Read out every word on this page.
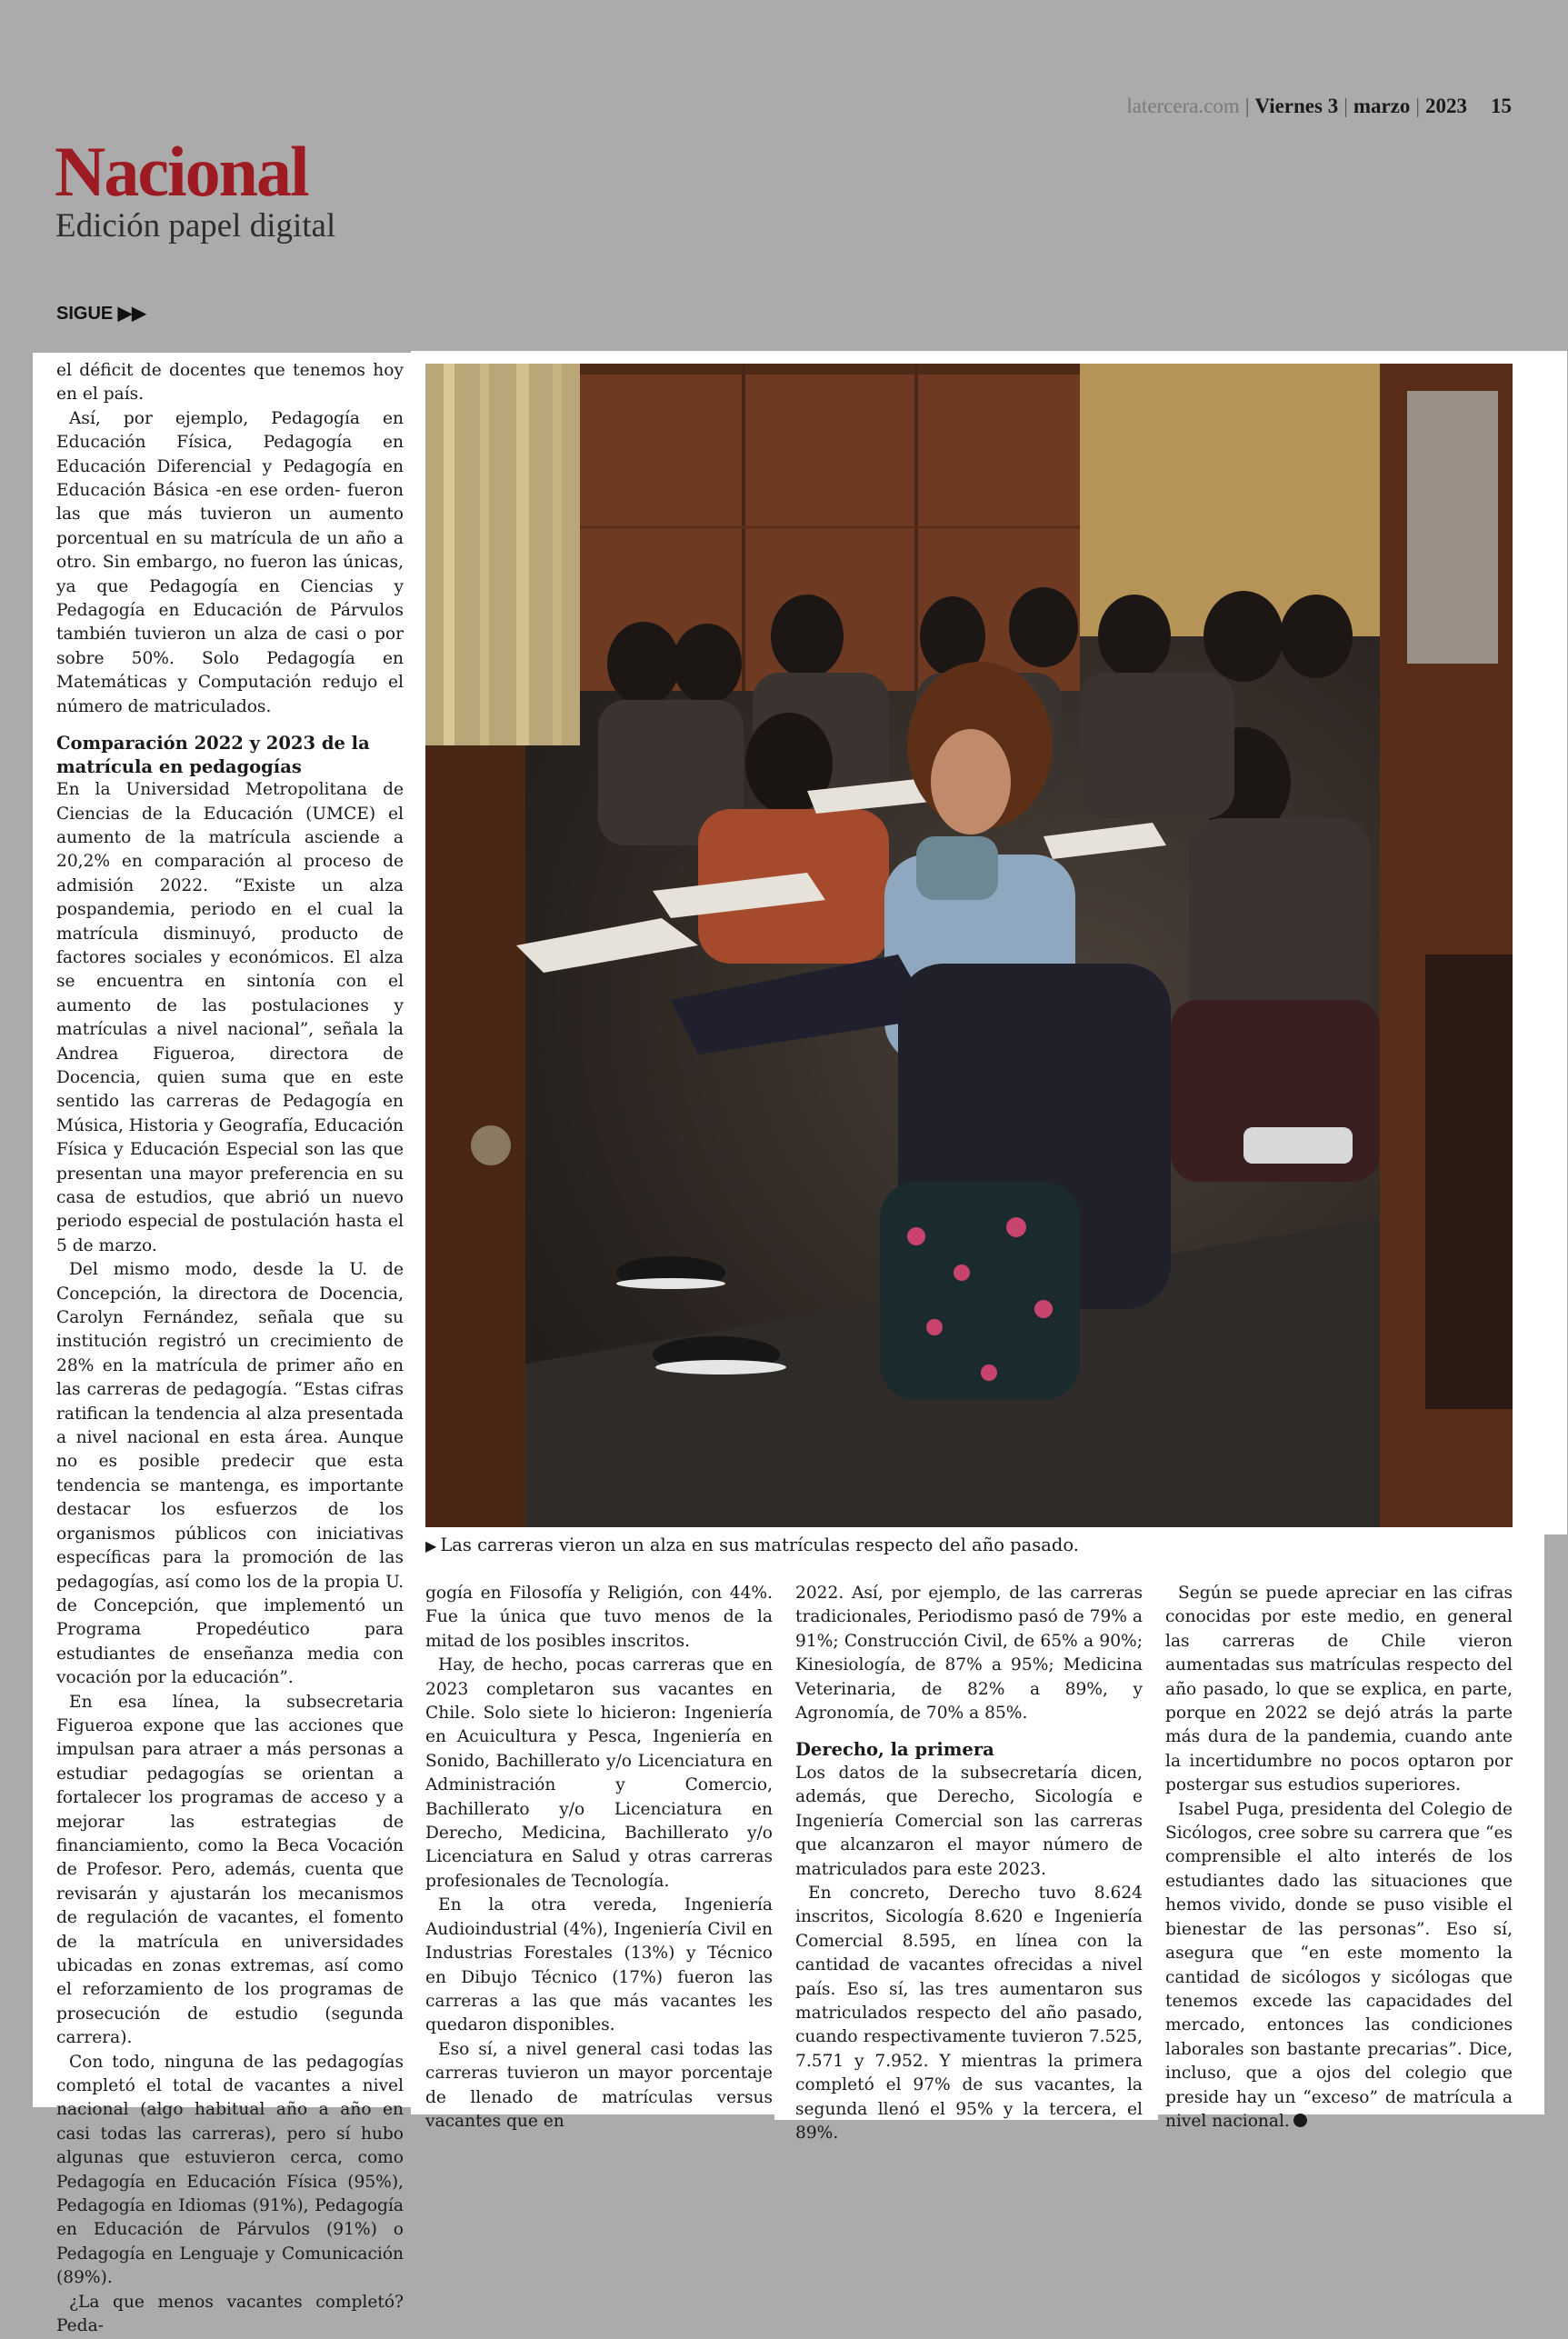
latercera.com | Viernes 3 | marzo | 2023 15
Nacional
Edición papel digital
SIGUE ▶▶
▶ Las carreras vieron un alza en sus matrículas respecto del año pasado.

el déficit de docentes que tenemos hoy en el país.

Así, por ejemplo, Pedagogía en Educación Física, Pedagogía en Educación Diferencial y Pedagogía en Educación Básica -en ese orden- fueron las que más tuvieron un aumento porcentual en su matrícula de un año a otro. Sin embargo, no fueron las únicas, ya que Pedagogía en Ciencias y Pedagogía en Educación de Párvulos también tuvieron un alza de casi o por sobre 50%. Solo Pedagogía en Matemáticas y Computación redujo el número de matriculados.

Comparación 2022 y 2023 de la matrícula en pedagogías

En la Universidad Metropolitana de Ciencias de la Educación (UMCE) el aumento de la matrícula asciende a 20,2% en comparación al proceso de admisión 2022. “Existe un alza pospandemia, periodo en el cual la matrícula disminuyó, producto de factores sociales y económicos. El alza se encuentra en sintonía con el aumento de las postulaciones y matrículas a nivel nacional”, señala la Andrea Figueroa, directora de Docencia, quien suma que en este sentido las carreras de Pedagogía en Música, Historia y Geografía, Educación Física y Educación Especial son las que presentan una mayor preferencia en su casa de estudios, que abrió un nuevo periodo especial de postulación hasta el 5 de marzo.

Del mismo modo, desde la U. de Concepción, la directora de Docencia, Carolyn Fernández, señala que su institución registró un crecimiento de 28% en la matrícula de primer año en las carreras de pedagogía. “Estas cifras ratifican la tendencia al alza presentada a nivel nacional en esta área. Aunque no es posible predecir que esta tendencia se mantenga, es importante destacar los esfuerzos de los organismos públicos con iniciativas específicas para la promoción de las pedagogías, así como los de la propia U. de Concepción, que implementó un Programa Propedéutico para estudiantes de enseñanza media con vocación por la educación”.

En esa línea, la subsecretaria Figueroa expone que las acciones que impulsan para atraer a más personas a estudiar pedagogías se orientan a fortalecer los programas de acceso y a mejorar las estrategias de financiamiento, como la Beca Vocación de Profesor. Pero, además, cuenta que revisarán y ajustarán los mecanismos de regulación de vacantes, el fomento de la matrícula en universidades ubicadas en zonas extremas, así como el reforzamiento de los programas de prosecución de estudio (segunda carrera).

Con todo, ninguna de las pedagogías completó el total de vacantes a nivel nacional (algo habitual año a año en casi todas las carreras), pero sí hubo algunas que estuvieron cerca, como Pedagogía en Educación Física (95%), Pedagogía en Idiomas (91%), Pedagogía en Educación de Párvulos (91%) o Pedagogía en Lenguaje y Comunicación (89%).

¿La que menos vacantes completó? Peda-

gogía en Filosofía y Religión, con 44%. Fue la única que tuvo menos de la mitad de los posibles inscritos.

Hay, de hecho, pocas carreras que en 2023 completaron sus vacantes en Chile. Solo siete lo hicieron: Ingeniería en Acuicultura y Pesca, Ingeniería en Sonido, Bachillerato y/o Licenciatura en Administración y Comercio, Bachillerato y/o Licenciatura en Derecho, Medicina, Bachillerato y/o Licenciatura en Salud y otras carreras profesionales de Tecnología.

En la otra vereda, Ingeniería Audioindustrial (4%), Ingeniería Civil en Industrias Forestales (13%) y Técnico en Dibujo Técnico (17%) fueron las carreras a las que más vacantes les quedaron disponibles.

Eso sí, a nivel general casi todas las carreras tuvieron un mayor porcentaje de llenado de matrículas versus vacantes que en

2022. Así, por ejemplo, de las carreras tradicionales, Periodismo pasó de 79% a 91%; Construcción Civil, de 65% a 90%; Kinesiología, de 87% a 95%; Medicina Veterinaria, de 82% a 89%, y Agronomía, de 70% a 85%.

Derecho, la primera

Los datos de la subsecretaría dicen, además, que Derecho, Sicología e Ingeniería Comercial son las carreras que alcanzaron el mayor número de matriculados para este 2023.

En concreto, Derecho tuvo 8.624 inscritos, Sicología 8.620 e Ingeniería Comercial 8.595, en línea con la cantidad de vacantes ofrecidas a nivel país. Eso sí, las tres aumentaron sus matriculados respecto del año pasado, cuando respectivamente tuvieron 7.525, 7.571 y 7.952. Y mientras la primera completó el 97% de sus vacantes, la segunda llenó el 95% y la tercera, el 89%.

Según se puede apreciar en las cifras conocidas por este medio, en general las carreras de Chile vieron aumentadas sus matrículas respecto del año pasado, lo que se explica, en parte, porque en 2022 se dejó atrás la parte más dura de la pandemia, cuando ante la incertidumbre no pocos optaron por postergar sus estudios superiores.

Isabel Puga, presidenta del Colegio de Sicólogos, cree sobre su carrera que “es comprensible el alto interés de los estudiantes dado las situaciones que hemos vivido, donde se puso visible el bienestar de las personas”. Eso sí, asegura que “en este momento la cantidad de sicólogos y sicólogas que tenemos excede las capacidades del mercado, entonces las condiciones laborales son bastante precarias”. Dice, incluso, que a ojos del colegio que preside hay un “exceso” de matrícula a nivel nacional.
